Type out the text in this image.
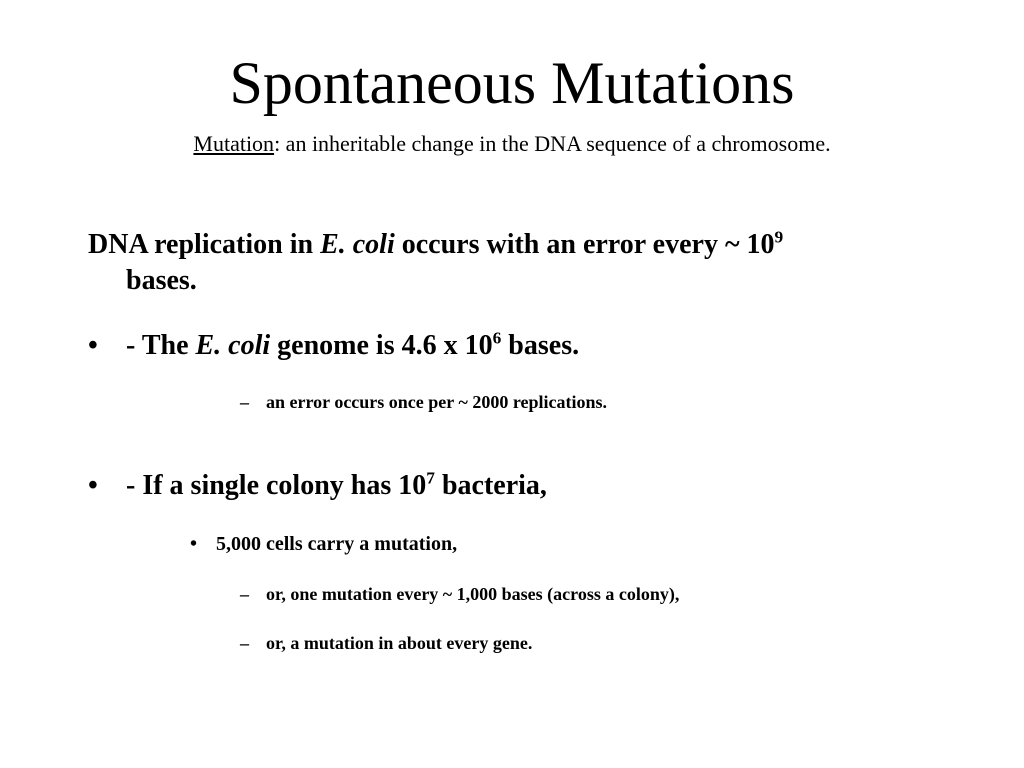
Spontaneous Mutations
Mutation: an inheritable change in the DNA sequence of a chromosome.
DNA replication in E. coli occurs with an error every ~ $10^9$
bases.
• - The E. coli genome is 4.6 x $10^6$ bases.
– an error occurs once per ~ 2000 replications.
• - If a single colony has $10^7$ bacteria,
• 5,000 cells carry a mutation,
– or, one mutation every ~ 1,000 bases (across a colony),
– or, a mutation in about every gene.
